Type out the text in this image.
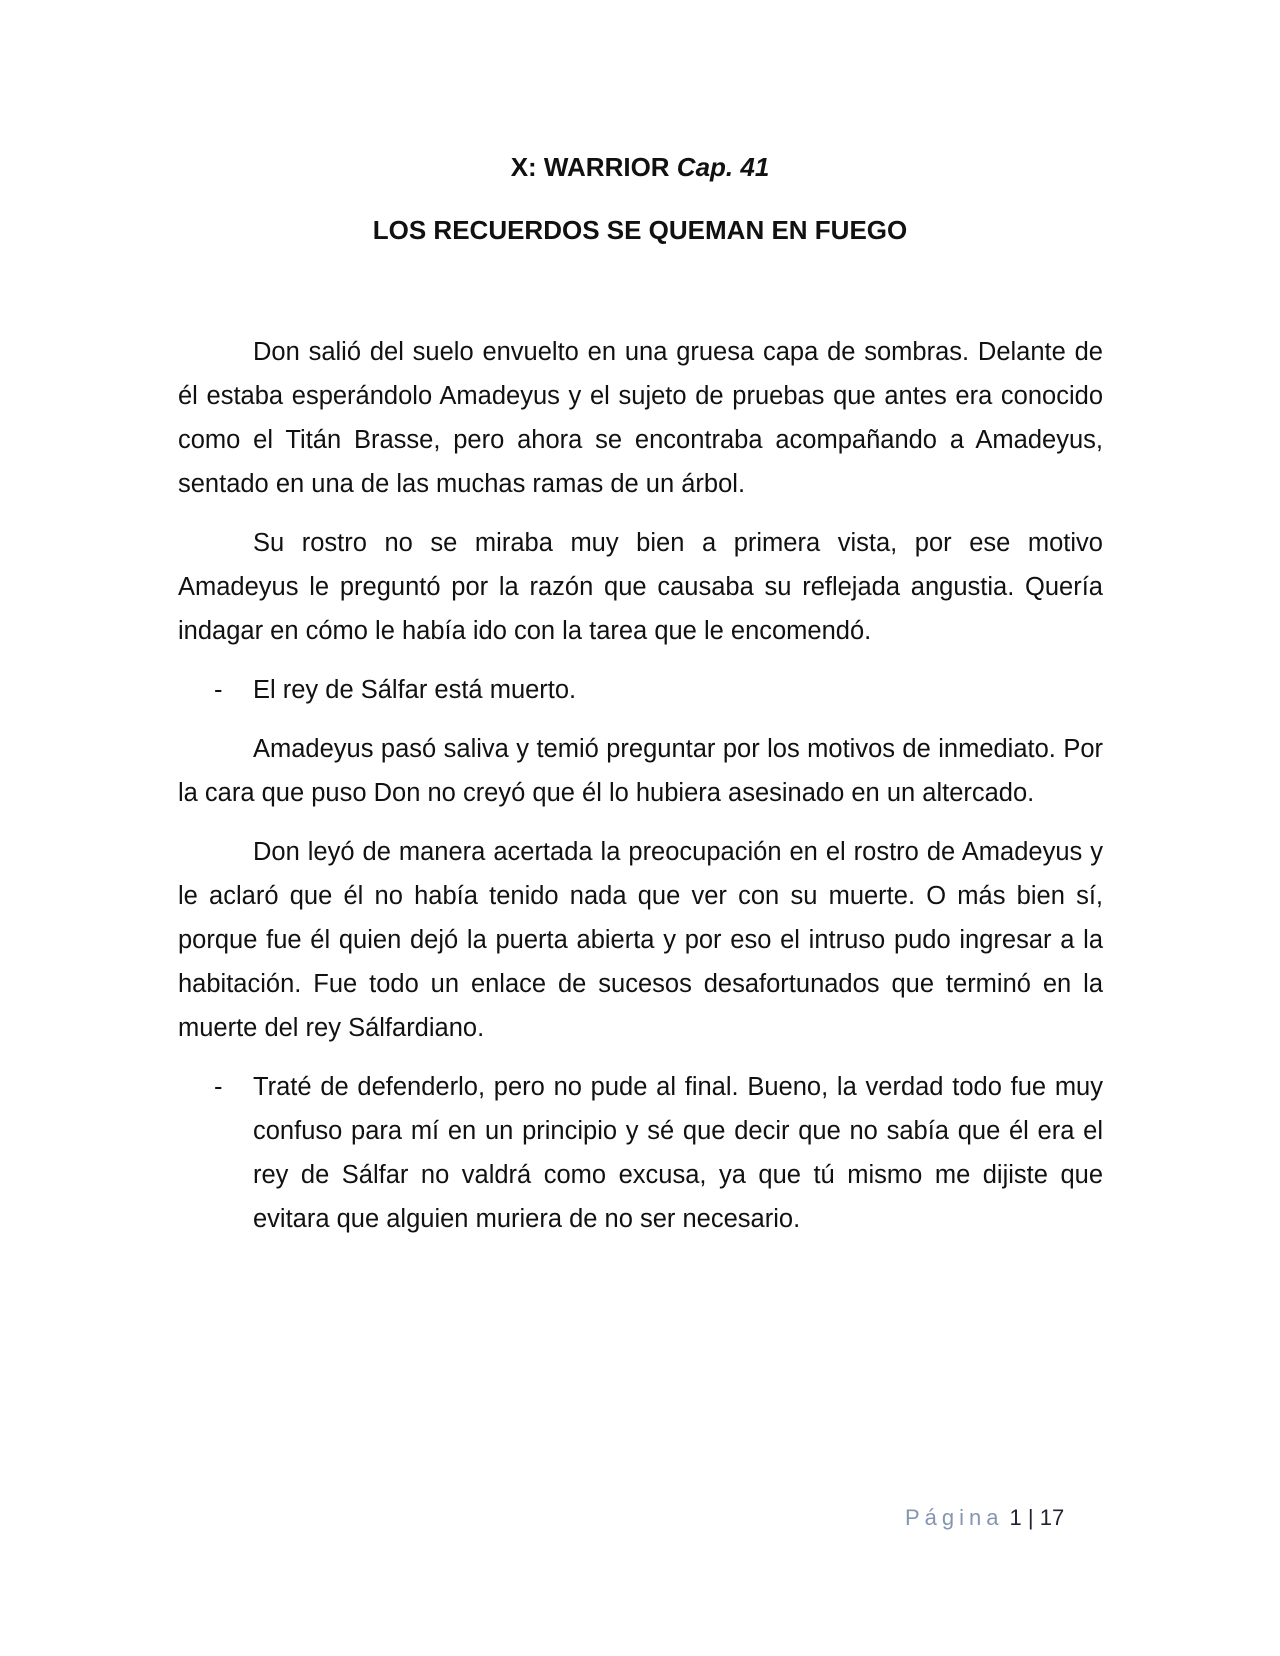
X: WARRIOR Cap. 41
LOS RECUERDOS SE QUEMAN EN FUEGO

Don salió del suelo envuelto en una gruesa capa de sombras. Delante de él estaba esperándolo Amadeyus y el sujeto de pruebas que antes era conocido como el Titán Brasse, pero ahora se encontraba acompañando a Amadeyus, sentado en una de las muchas ramas de un árbol.

Su rostro no se miraba muy bien a primera vista, por ese motivo Amadeyus le preguntó por la razón que causaba su reflejada angustia. Quería indagar en cómo le había ido con la tarea que le encomendó.

-	El rey de Sálfar está muerto.

Amadeyus pasó saliva y temió preguntar por los motivos de inmediato. Por la cara que puso Don no creyó que él lo hubiera asesinado en un altercado.

Don leyó de manera acertada la preocupación en el rostro de Amadeyus y le aclaró que él no había tenido nada que ver con su muerte. O más bien sí, porque fue él quien dejó la puerta abierta y por eso el intruso pudo ingresar a la habitación. Fue todo un enlace de sucesos desafortunados que terminó en la muerte del rey Sálfardiano.

-	Traté de defenderlo, pero no pude al final. Bueno, la verdad todo fue muy confuso para mí en un principio y sé que decir que no sabía que él era el rey de Sálfar no valdrá como excusa, ya que tú mismo me dijiste que evitara que alguien muriera de no ser necesario.
Página 1 | 17
